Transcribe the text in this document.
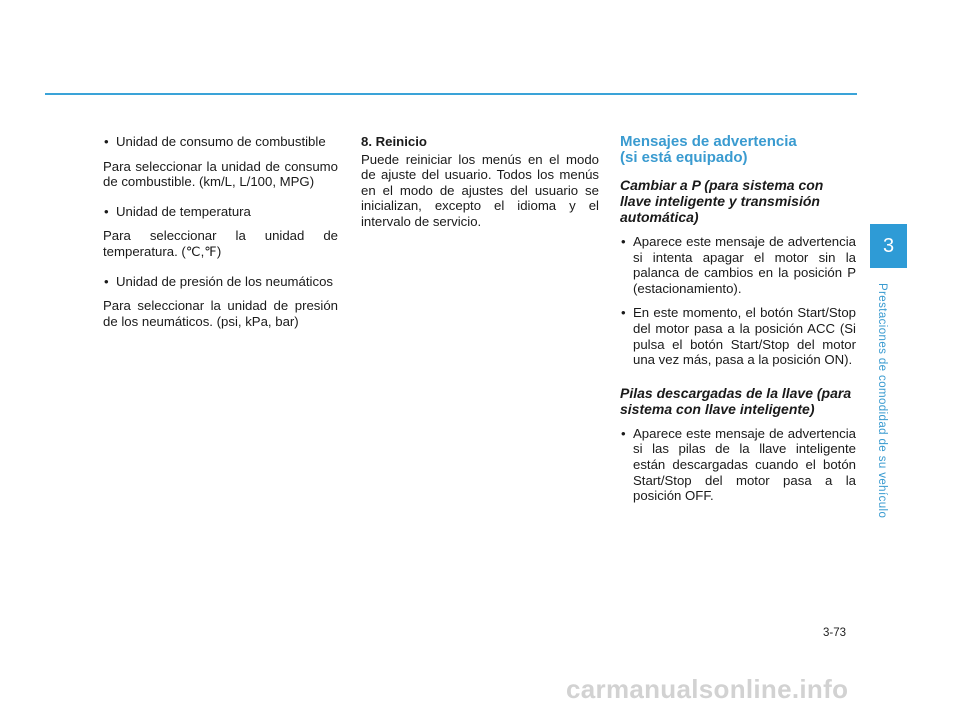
• Unidad de consumo de combustible
Para seleccionar la unidad de consumo de combustible. (km/L, L/100, MPG)
• Unidad de temperatura
Para seleccionar la unidad de temperatura. (℃,℉)
• Unidad de presión de los neumáticos
Para seleccionar la unidad de presión de los neumáticos. (psi, kPa, bar)
8. Reinicio
Puede reiniciar los menús en el modo de ajuste del usuario. Todos los menús en el modo de ajustes del usuario se inicializan, excepto el idioma y el intervalo de servicio.
Mensajes de advertencia
(si está equipado)
Cambiar a P (para sistema con llave inteligente y transmisión automática)
• Aparece este mensaje de advertencia si intenta apagar el motor sin la palanca de cambios en la posición P (estacionamiento).
• En este momento, el botón Start/Stop del motor pasa a la posición ACC (Si pulsa el botón Start/Stop del motor una vez más, pasa a la posición ON).
Pilas descargadas de la llave (para sistema con llave inteligente)
• Aparece este mensaje de advertencia si las pilas de la llave inteligente están descargadas cuando el botón Start/Stop del motor pasa a la posición OFF.
3
Prestaciones de comodidad de su vehículo
3-73
carmanualsonline.info
